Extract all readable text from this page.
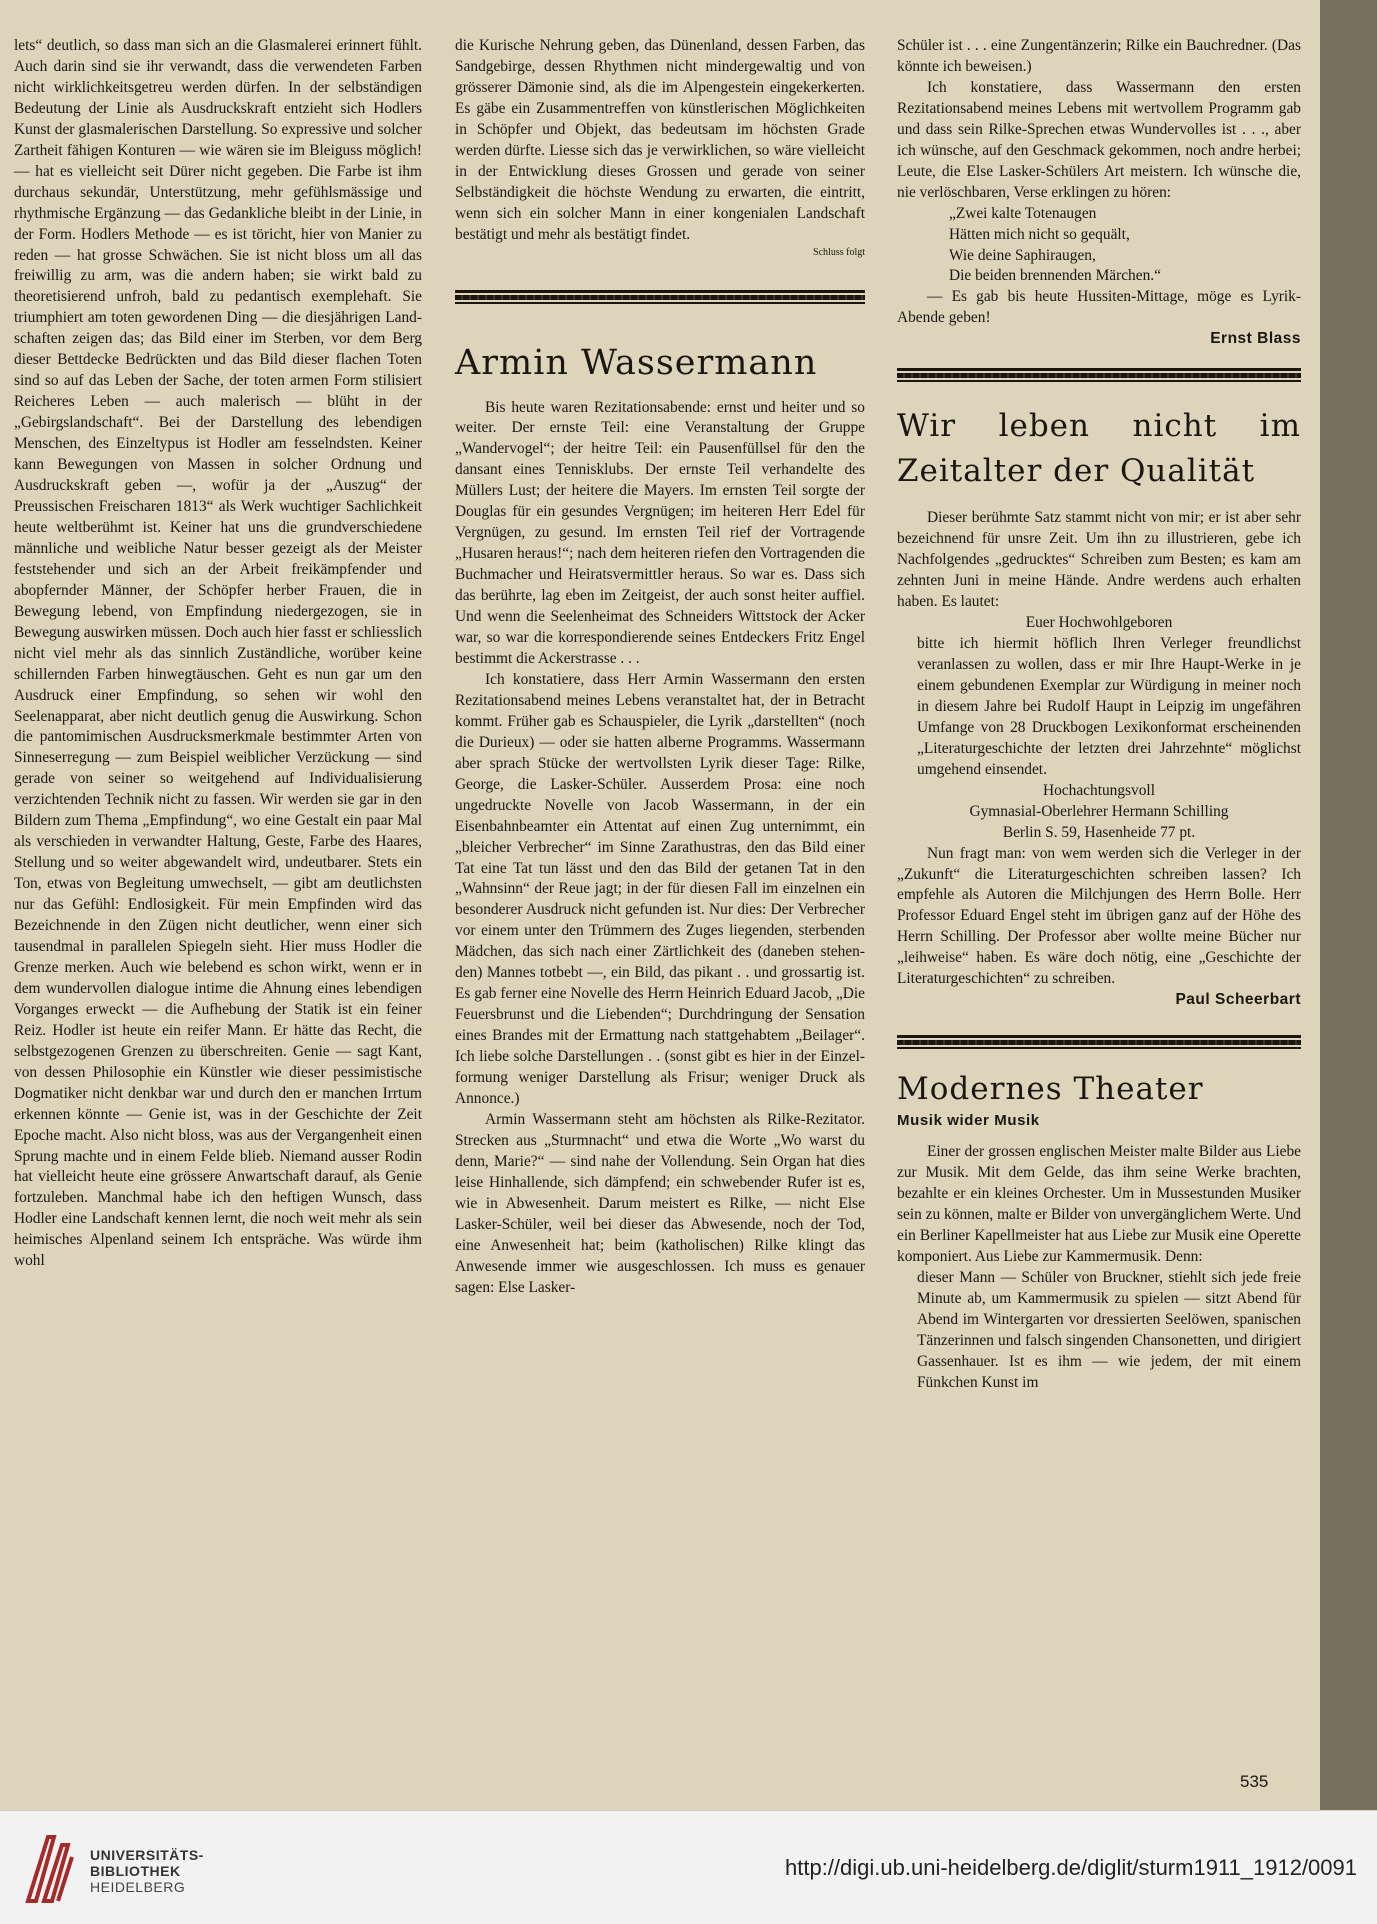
lets“ deutlich, so dass man sich an die Glasmalerei erinnert fühlt. Auch darin sind sie ihr verwandt, dass die verwendeten Farben nicht wirklichkeitsgetreu werden dürfen. In der selbständigen Bedeutung der Linie als Ausdruckskraft entzieht sich Hodlers Kunst der glasmalerischen Darstellung. So expressive und solcher Zartheit fähigen Konturen — wie wären sie im Bleiguss möglich! — hat es vielleicht seit Dürer nicht gegeben. Die Farbe ist ihm durchaus sekundär, Unterstützung, mehr gefühlsmässige und rhythmische Ergänzung — das Gedankliche bleibt in der Linie, in der Form. Hodlers Methode — es ist töricht, hier von Manier zu reden — hat grosse Schwächen. Sie ist nicht bloss um all das freiwillig zu arm, was die andern haben; sie wirkt bald zu theoretisierend unfroh, bald zu pedantisch exemplehaft. Sie triumphiert am toten gewordenen Ding — die diesjährigen Landschaften zeigen das; das Bild einer im Sterben, vor dem Berg dieser Bettdecke Bedrückten und das Bild dieser flachen Toten sind so auf das Leben der Sache, der toten armen Form stilisiert Reicheres Leben — auch malerisch — blüht in der „Gebirgslandschaft“. Bei der Darstellung des lebendigen Menschen, des Einzeltypus ist Hodler am fesselndsten. Keiner kann Bewegungen von Massen in solcher Ordnung und Ausdruckskraft geben —, wofür ja der „Auszug“ der Preussischen Freischaren 1813“ als Werk wuchtiger Sachlichkeit heute weltberühmt ist. Keiner hat uns die grundverschiedene männliche und weibliche Natur besser gezeigt als der Meister feststehender und sich an der Arbeit freikämpfender und abopfernder Männer, der Schöpfer herber Frauen, die in Bewegung lebend, von Empfindung niedergezogen, sie in Bewegung auswirken müssen. Doch auch hier fasst er schliesslich nicht viel mehr als das sinnlich Zuständliche, worüber keine schillernden Farben hinwegtäuschen. Geht es nun gar um den Ausdruck einer Empfindung, so sehen wir wohl den Seelenapparat, aber nicht deutlich genug die Auswirkung. Schon die pantomimischen Ausdrucksmerkmale bestimmter Arten von Sinneserregung — zum Beispiel weiblicher Verzückung — sind gerade von seiner so weitgehend auf Individualisierung verzichtenden Technik nicht zu fassen. Wir werden sie gar in den Bildern zum Thema „Empfindung“, wo eine Gestalt ein paar Mal als verschieden in verwandter Haltung, Geste, Farbe des Haares, Stellung und so weiter abgewandelt wird, undeutbarer. Stets ein Ton, etwas von Begleitung umwechselt, — gibt am deutlichsten nur das Gefühl: Endlosigkeit. Für mein Empfinden wird das Bezeichnende in den Zügen nicht deutlicher, wenn einer sich tausendmal in parallelen Spiegeln sieht. Hier muss Hodler die Grenze merken. Auch wie belebend es schon wirkt, wenn er in dem wundervollen dialogue intime die Ahnung eines lebendigen Vorganges erweckt — die Aufhebung der Statik ist ein feiner Reiz. Hodler ist heute ein reifer Mann. Er hätte das Recht, die selbstgezogenen Grenzen zu überschreiten. Genie — sagt Kant, von dessen Philosophie ein Künstler wie dieser pessimistische Dogmatiker nicht denkbar war und durch den er manchen Irrtum erkennen könnte — Genie ist, was in der Geschichte der Zeit Epoche macht. Also nicht bloss, was aus der Vergangenheit einen Sprung machte und in einem Felde blieb. Niemand ausser Rodin hat vielleicht heute eine grössere Anwartschaft darauf, als Genie fortzuleben. Manchmal habe ich den heftigen Wunsch, dass Hodler eine Landschaft kennen lernt, die noch weit mehr als sein heimisches Alpenland seinem Ich entspräche. Was würde ihm wohl

die Kurische Nehrung geben, das Dünenland, dessen Farben, das Sandgebirge, dessen Rhythmen nicht mindergewaltig und von grösserer Dämonie sind, als die im Alpengestein eingekerkerten. Es gäbe ein Zusammentreffen von künstlerischen Möglichkeiten in Schöpfer und Objekt, das bedeutsam im höchsten Grade werden dürfte. Liesse sich das je verwirklichen, so wäre vielleicht in der Entwicklung dieses Grossen und gerade von seiner Selbständigkeit die höchste Wendung zu erwarten, die eintritt, wenn sich ein solcher Mann in einer kongenialen Landschaft bestätigt und mehr als bestätigt findet.

Schluss folgt
Armin Wassermann

Bis heute waren Rezitationsabende: ernst und heiter und so weiter. Der ernste Teil: eine Veranstaltung der Gruppe „Wandervogel“; der heitre Teil: ein Pausenfüllsel für den the dansant eines Tennisklubs. Der ernste Teil verhandelte des Müllers Lust; der heitere die Mayers. Im ernsten Teil sorgte der Douglas für ein gesundes Vergnügen; im heiteren Herr Edel für Vergnügen, zu gesund. Im ernsten Teil rief der Vortragende „Husaren heraus!“; nach dem heiteren riefen den Vortragenden die Buchmacher und Heiratsvermittler heraus. So war es. Dass sich das berührte, lag eben im Zeitgeist, der auch sonst heiter auffiel. Und wenn die Seelenheimat des Schneiders Wittstock der Acker war, so war die korrespondierende seines Entdeckers Fritz Engel bestimmt die Ackerstrasse . . .

Ich konstatiere, dass Herr Armin Wassermann den ersten Rezitationsabend meines Lebens veranstaltet hat, der in Betracht kommt. Früher gab es Schauspieler, die Lyrik „darstellten“ (noch die Durieux) — oder sie hatten alberne Programms. Wassermann aber sprach Stücke der wertvollsten Lyrik dieser Tage: Rilke, George, die Lasker-Schüler. Ausserdem Prosa: eine noch ungedruckte Novelle von Jacob Wassermann, in der ein Eisenbahnbeamter ein Attentat auf einen Zug unternimmt, ein „bleicher Verbrecher“ im Sinne Zarathustras, den das Bild einer Tat eine Tat tun lässt und den das Bild der getanen Tat in den „Wahnsinn“ der Reue jagt; in der für diesen Fall im einzelnen ein besonderer Ausdruck nicht gefunden ist. Nur dies: Der Verbrecher vor einem unter den Trümmern des Zuges liegenden, sterbenden Mädchen, das sich nach einer Zärtlichkeit des (daneben stehenden) Mannes totbebt —, ein Bild, das pikant . . und grossartig ist. Es gab ferner eine Novelle des Herrn Heinrich Eduard Jacob, „Die Feuersbrunst und die Liebenden“; Durchdringung der Sensation eines Brandes mit der Ermattung nach stattgehabtem „Beilager“. Ich liebe solche Darstellungen . . (sonst gibt es hier in der Einzelformung weniger Darstellung als Frisur; weniger Druck als Annonce.)

Armin Wassermann steht am höchsten als Rilke-Rezitator. Strecken aus „Sturmnacht“ und etwa die Worte „Wo warst du denn, Marie?“ — sind nahe der Vollendung. Sein Organ hat dies leise Hinhallende, sich dämpfend; ein schwebender Rufer ist es, wie in Abwesenheit. Darum meistert es Rilke, — nicht Else Lasker-Schüler, weil bei dieser das Abwesende, noch der Tod, eine Anwesenheit hat; beim (katholischen) Rilke klingt das Anwesende immer wie ausgeschlossen. Ich muss es genauer sagen: Else Lasker-

Schüler ist . . . eine Zungentänzerin; Rilke ein Bauchredner. (Das könnte ich beweisen.)

Ich konstatiere, dass Wassermann den ersten Rezitationsabend meines Lebens mit wertvollem Programm gab und dass sein Rilke-Sprechen etwas Wundervolles ist . . ., aber ich wünsche, auf den Geschmack gekommen, noch andre herbei; Leute, die Else Lasker-Schülers Art meistern. Ich wünsche die, nie verlöschbaren, Verse erklingen zu hören:

„Zwei kalte Totenaugen
Hätten mich nicht so gequält,
Wie deine Saphiraugen,
Die beiden brennenden Märchen.“

— Es gab bis heute Hussiten-Mittage, möge es Lyrik-Abende geben!

Ernst Blass
Wir leben nicht im Zeitalter der Qualität

Dieser berühmte Satz stammt nicht von mir; er ist aber sehr bezeichnend für unsre Zeit. Um ihn zu illustrieren, gebe ich Nachfolgendes „gedrucktes“ Schreiben zum Besten; es kam am zehnten Juni in meine Hände. Andre werdens auch erhalten haben. Es lautet:

Euer Hochwohlgeboren

bitte ich hiermit höflich Ihren Verleger freundlichst veranlassen zu wollen, dass er mir Ihre Haupt-Werke in je einem gebundenen Exemplar zur Würdigung in meiner noch in diesem Jahre bei Rudolf Haupt in Leipzig im ungefähren Umfange von 28 Druckbogen Lexikonformat erscheinenden „Literaturgeschichte der letzten drei Jahrzehnte“ möglichst umgehend einsendet.

Hochachtungsvoll
Gymnasial-Oberlehrer Hermann Schilling
Berlin S. 59, Hasenheide 77 pt.

Nun fragt man: von wem werden sich die Verleger in der „Zukunft“ die Literaturgeschichten schreiben lassen? Ich empfehle als Autoren die Milchjungen des Herrn Bolle. Herr Professor Eduard Engel steht im übrigen ganz auf der Höhe des Herrn Schilling. Der Professor aber wollte meine Bücher nur „leihweise“ haben. Es wäre doch nötig, eine „Geschichte der Literaturgeschichten“ zu schreiben.

Paul Scheerbart
Modernes Theater
Musik wider Musik

Einer der grossen englischen Meister malte Bilder aus Liebe zur Musik. Mit dem Gelde, das ihm seine Werke brachten, bezahlte er ein kleines Orchester. Um in Mussestunden Musiker sein zu können, malte er Bilder von unvergänglichem Werte. Und ein Berliner Kapellmeister hat aus Liebe zur Musik eine Operette komponiert. Aus Liebe zur Kammermusik. Denn:

dieser Mann — Schüler von Bruckner, stiehlt sich jede freie Minute ab, um Kammermusik zu spielen — sitzt Abend für Abend im Wintergarten vor dressierten Seelöwen, spanischen Tänzerinnen und falsch singenden Chansonetten, und dirigiert Gassenhauer. Ist es ihm — wie jedem, der mit einem Fünkchen Kunst im

535
UNIVERSITÄTS-
BIBLIOTHEK
HEIDELBERG
http://digi.ub.uni-heidelberg.de/diglit/sturm1911_1912/0091
